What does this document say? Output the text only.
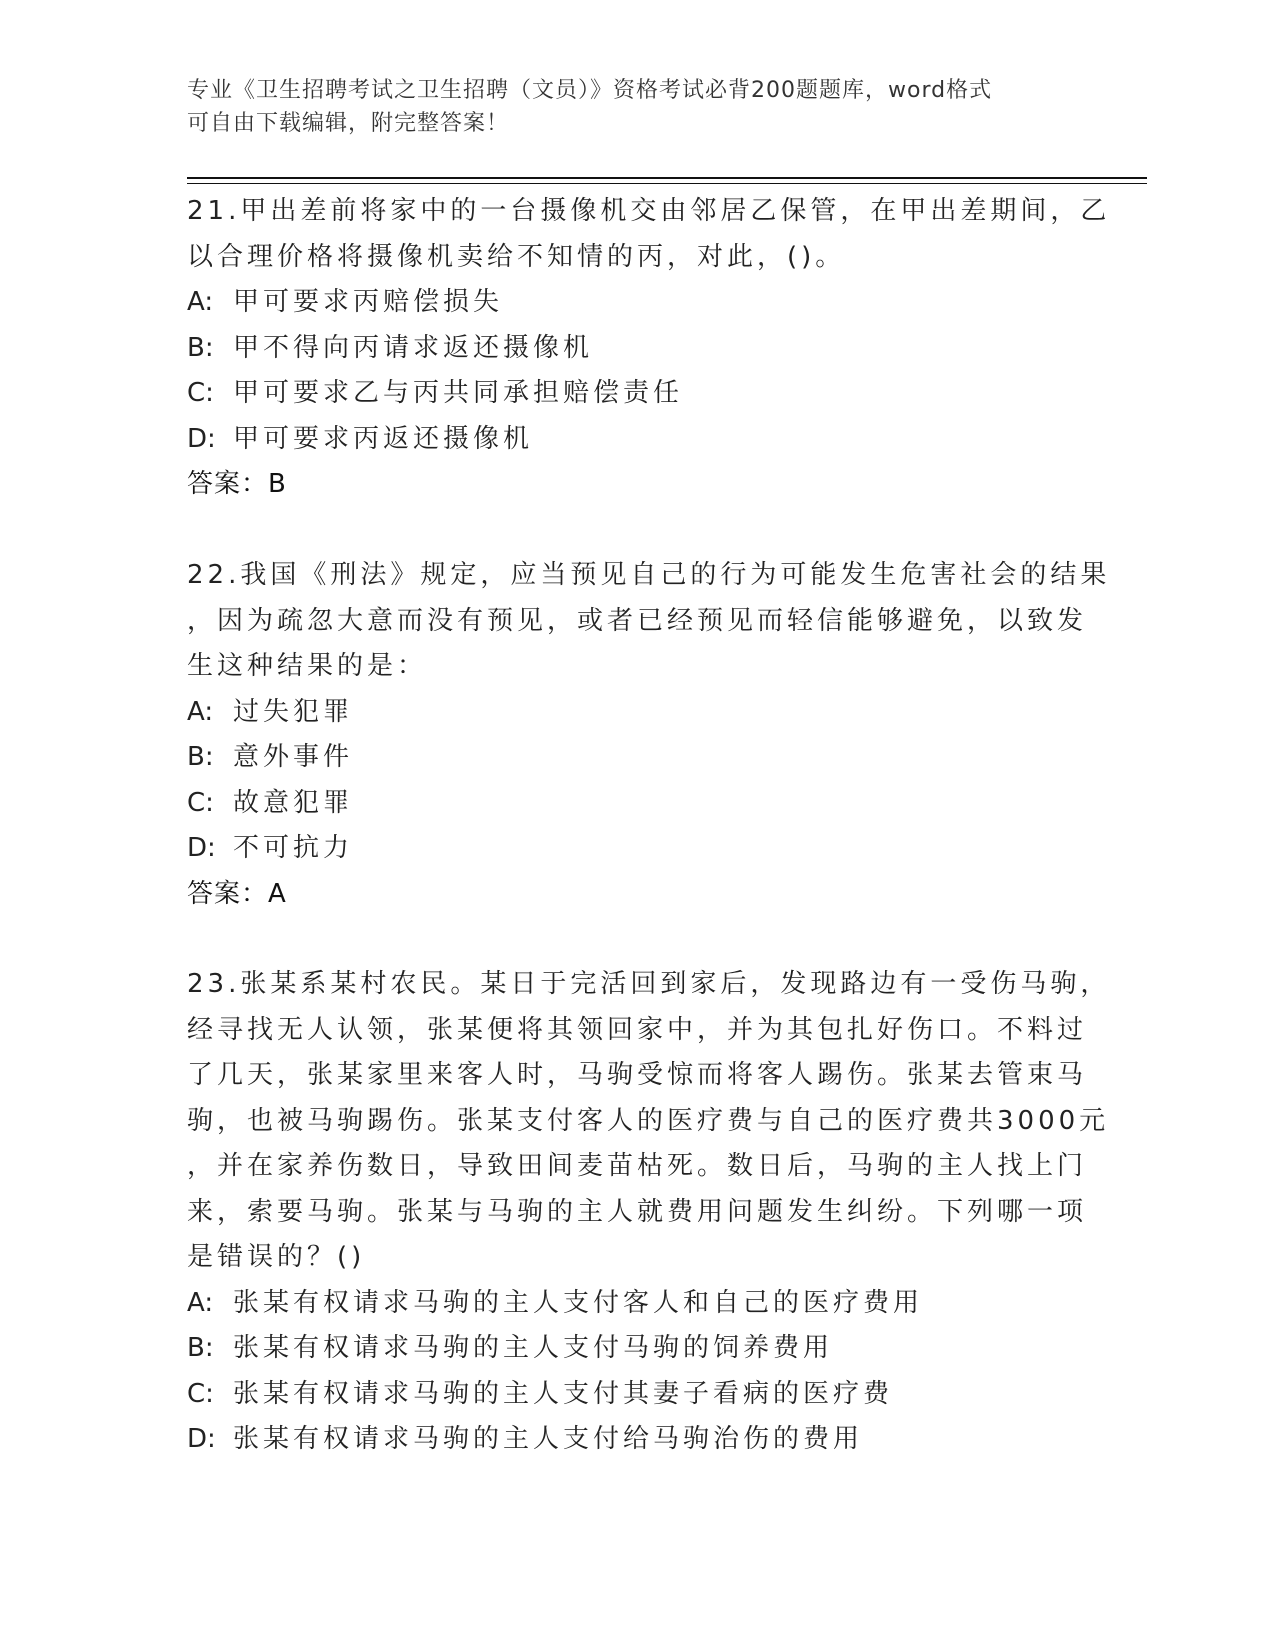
专业《卫生招聘考试之卫生招聘（文员）》资格考试必背200题题库，word格式
可自由下载编辑，附完整答案！
21.甲出差前将家中的一台摄像机交由邻居乙保管，在甲出差期间，乙
以合理价格将摄像机卖给不知情的丙，对此，()。
A: 甲可要求丙赔偿损失
B: 甲不得向丙请求返还摄像机
C: 甲可要求乙与丙共同承担赔偿责任
D: 甲可要求丙返还摄像机
答案：B
22.我国《刑法》规定，应当预见自己的行为可能发生危害社会的结果
，因为疏忽大意而没有预见，或者已经预见而轻信能够避免，以致发
生这种结果的是：
A: 过失犯罪
B: 意外事件
C: 故意犯罪
D: 不可抗力
答案：A
23.张某系某村农民。某日于完活回到家后，发现路边有一受伤马驹，
经寻找无人认领，张某便将其领回家中，并为其包扎好伤口。不料过
了几天，张某家里来客人时，马驹受惊而将客人踢伤。张某去管束马
驹，也被马驹踢伤。张某支付客人的医疗费与自己的医疗费共3000元
，并在家养伤数日，导致田间麦苗枯死。数日后，马驹的主人找上门
来，索要马驹。张某与马驹的主人就费用问题发生纠纷。下列哪一项
是错误的？()
A: 张某有权请求马驹的主人支付客人和自己的医疗费用
B: 张某有权请求马驹的主人支付马驹的饲养费用
C: 张某有权请求马驹的主人支付其妻子看病的医疗费
D: 张某有权请求马驹的主人支付给马驹治伤的费用
